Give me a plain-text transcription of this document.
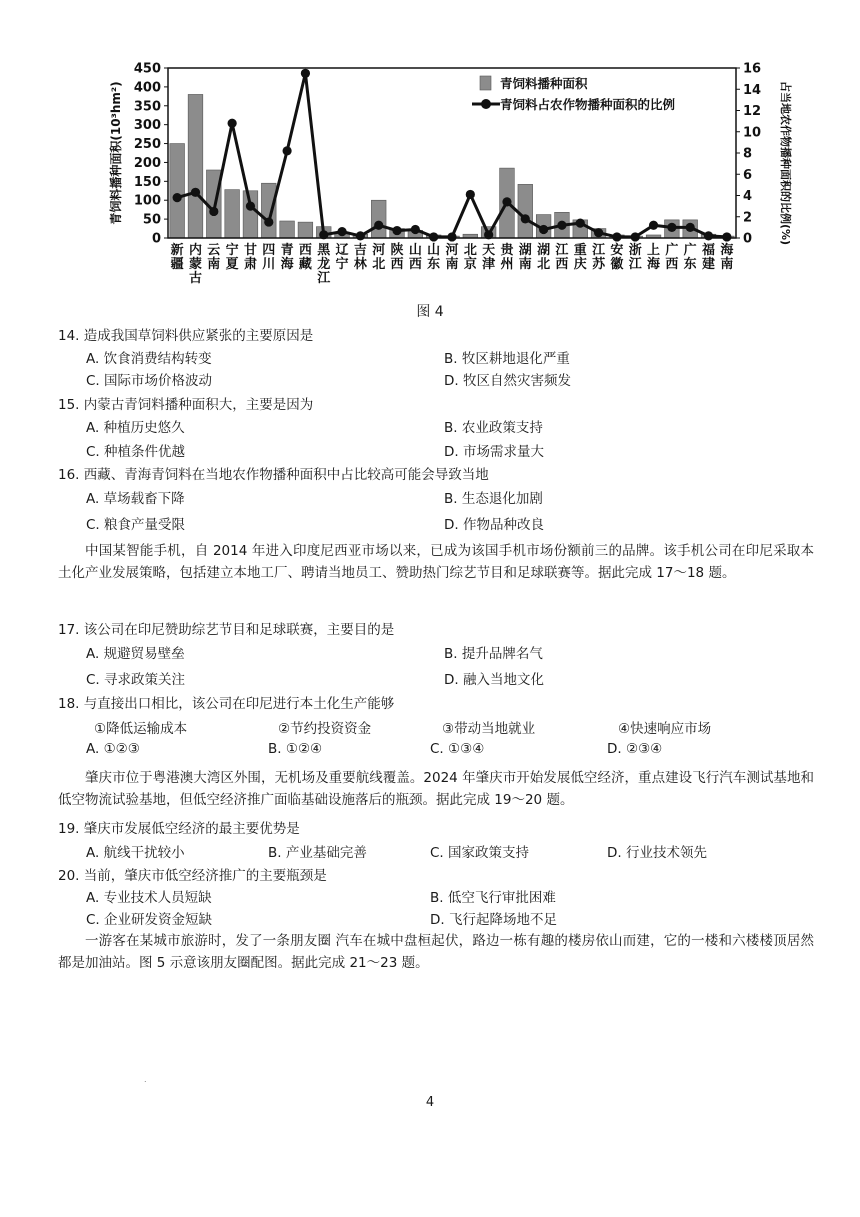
0
50
100
150
200
250
300
350
400
450
0
2
4
6
8
10
12
14
16
青饲料播种面积(10³hm²)	占当地农作物播种面积的比例(%)
新疆
内蒙古
云南
宁夏
甘肃
四川
青海
西藏
黑龙江
辽宁
吉林
河北
陕西
山西
山东
河南
北京
天津
贵州
湖南
湖北
江西
重庆
江苏
安徽
浙江
上海
广西
广东
福建
海南
青饲料播种面积
青饲料占农作物播种面积的比例
图 4
14. 造成我国草饲料供应紧张的主要原因是
A. 饮食消费结构转变	B. 牧区耕地退化严重
C. 国际市场价格波动	D. 牧区自然灾害频发
15. 内蒙古青饲料播种面积大，主要是因为
A. 种植历史悠久	B. 农业政策支持
C. 种植条件优越	D. 市场需求量大
16. 西藏、青海青饲料在当地农作物播种面积中占比较高可能会导致当地
A. 草场载畜下降	B. 生态退化加剧
C. 粮食产量受限	D. 作物品种改良
中国某智能手机，自 2014 年进入印度尼西亚市场以来，已成为该国手机市场份额前三的品牌。该手机公司在印尼采取本土化产业发展策略，包括建立本地工厂、聘请当地员工、赞助热门综艺节目和足球联赛等。据此完成 17～18 题。
17. 该公司在印尼赞助综艺节目和足球联赛，主要目的是
A. 规避贸易壁垒	B. 提升品牌名气
C. 寻求政策关注	D. 融入当地文化
18. 与直接出口相比，该公司在印尼进行本土化生产能够
①降低运输成本	②节约投资资金	③带动当地就业	④快速响应市场
A. ①②③	B. ①②④	C. ①③④	D. ②③④
肇庆市位于粤港澳大湾区外围，无机场及重要航线覆盖。2024 年肇庆市开始发展低空经济，重点建设飞行汽车测试基地和低空物流试验基地，但低空经济推广面临基础设施落后的瓶颈。据此完成 19～20 题。
19. 肇庆市发展低空经济的最主要优势是
A. 航线干扰较小	B. 产业基础完善	C. 国家政策支持	D. 行业技术领先
20. 当前，肇庆市低空经济推广的主要瓶颈是
A. 专业技术人员短缺	B. 低空飞行审批困难
C. 企业研发资金短缺	D. 飞行起降场地不足
一游客在某城市旅游时，发了一条朋友圈 汽车在城中盘桓起伏，路边一栋有趣的楼房依山而建，它的一楼和六楼楼顶居然都是加油站。图 5 示意该朋友圈配图。据此完成 21～23 题。
.
4
